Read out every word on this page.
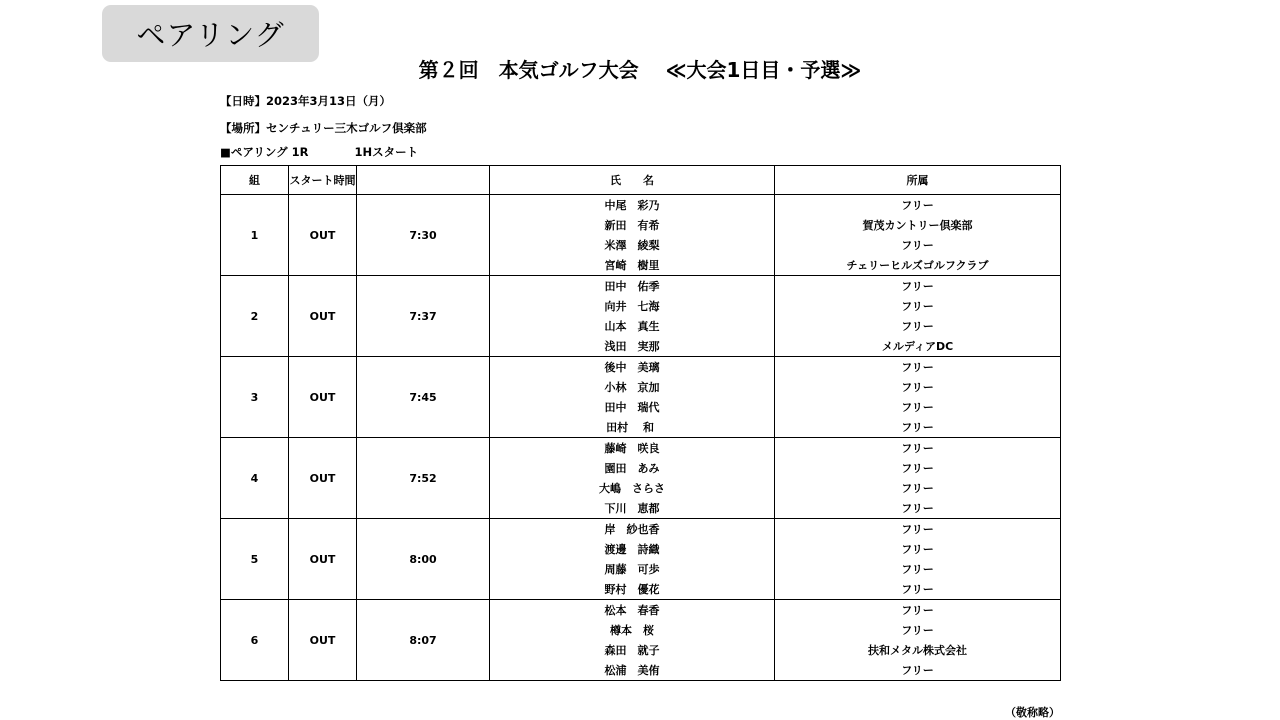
ペアリング
第２回　本気ゴルフ大会　 ≪大会1日目・予選≫
【日時】2023年3月13日（月）
【場所】センチュリー三木ゴルフ倶楽部
■ペアリング 1R	1Hスタート
組	スタート時間		氏　　名	所属
1	OUT	7:30	中尾　彩乃	フリー
			新田　有希	賀茂カントリー倶楽部
			米澤　綾梨	フリー
			宮崎　樹里	チェリーヒルズゴルフクラブ
2	OUT	7:37	田中　佑季	フリー
			向井　七海	フリー
			山本　真生	フリー
			浅田　実那	メルディアDC
3	OUT	7:45	後中　美璃	フリー
			小林　京加	フリー
			田中　瑞代	フリー
			田村　 和	フリー
4	OUT	7:52	藤崎　咲良	フリー
			園田　あみ	フリー
			大嶋　さらさ	フリー
			下川　恵都	フリー
5	OUT	8:00	岸　紗也香	フリー
			渡邊　詩織	フリー
			周藤　可歩	フリー
			野村　優花	フリー
6	OUT	8:07	松本　春香	フリー
			樽本　桜	フリー
			森田　就子	扶和メタル株式会社
			松浦　美侑	フリー
（敬称略）
